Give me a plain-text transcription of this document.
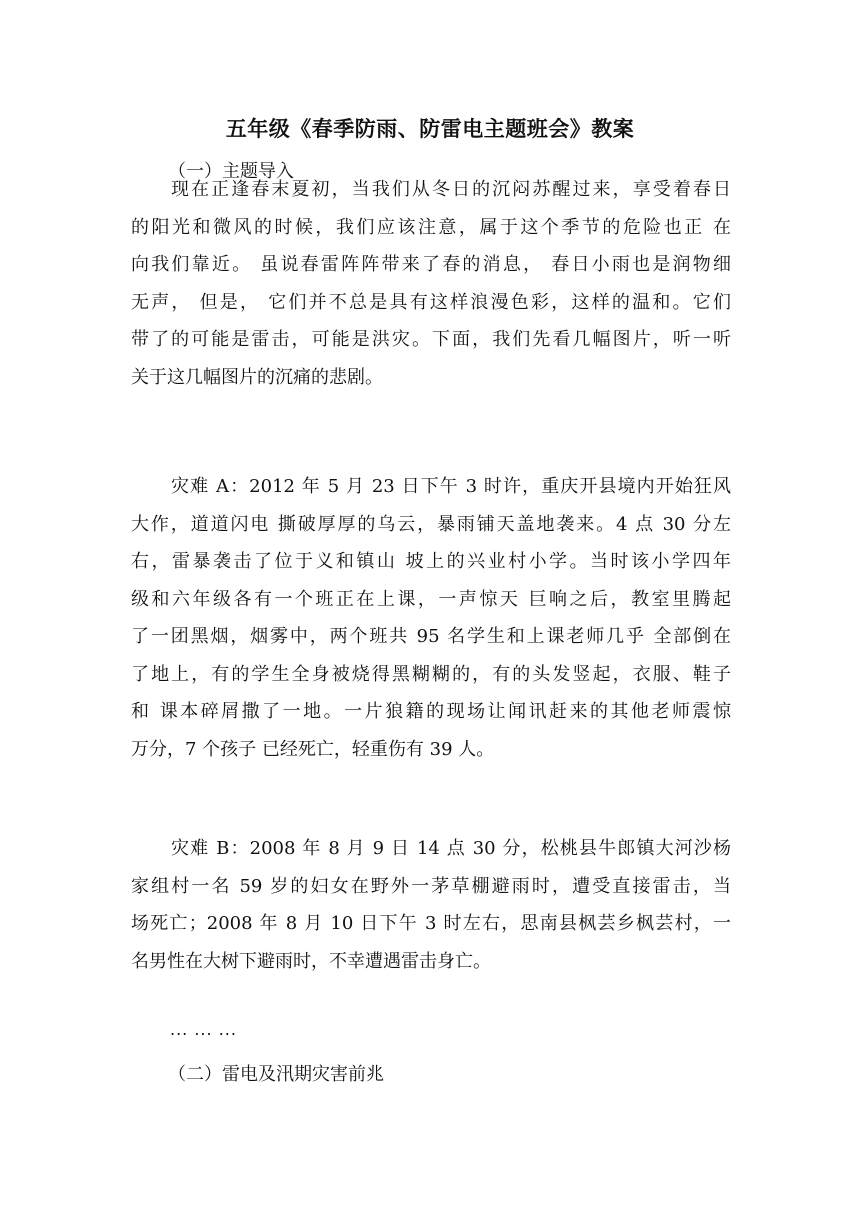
五年级《春季防雨、防雷电主题班会》教案
（一）主题导入
现在正逢春末夏初，当我们从冬日的沉闷苏醒过来，享受着春日
的阳光和微风的时候，我们应该注意，属于这个季节的危险也正 在
向我们靠近。 虽说春雷阵阵带来了春的消息， 春日小雨也是润物细
无声， 但是， 它们并不总是具有这样浪漫色彩，这样的温和。它们
带了的可能是雷击，可能是洪灾。下面，我们先看几幅图片，听一听
关于这几幅图片的沉痛的悲剧。
灾难 A：2012 年 5 月 23 日下午 3 时许，重庆开县境内开始狂风
大作，道道闪电 撕破厚厚的乌云，暴雨铺天盖地袭来。4 点 30 分左
右，雷暴袭击了位于义和镇山 坡上的兴业村小学。当时该小学四年
级和六年级各有一个班正在上课，一声惊天 巨响之后，教室里腾起
了一团黑烟，烟雾中，两个班共 95 名学生和上课老师几乎 全部倒在
了地上，有的学生全身被烧得黑糊糊的，有的头发竖起，衣服、鞋子
和 课本碎屑撒了一地。一片狼籍的现场让闻讯赶来的其他老师震惊
万分，7 个孩子 已经死亡，轻重伤有 39 人。
灾难 B：2008 年 8 月 9 日 14 点 30 分，松桃县牛郎镇大河沙杨
家组村一名 59 岁的妇女在野外一茅草棚避雨时，遭受直接雷击，当
场死亡；2008 年 8 月 10 日下午 3 时左右，思南县枫芸乡枫芸村，一
名男性在大树下避雨时，不幸遭遇雷击身亡。
... ... ...
（二）雷电及汛期灾害前兆
